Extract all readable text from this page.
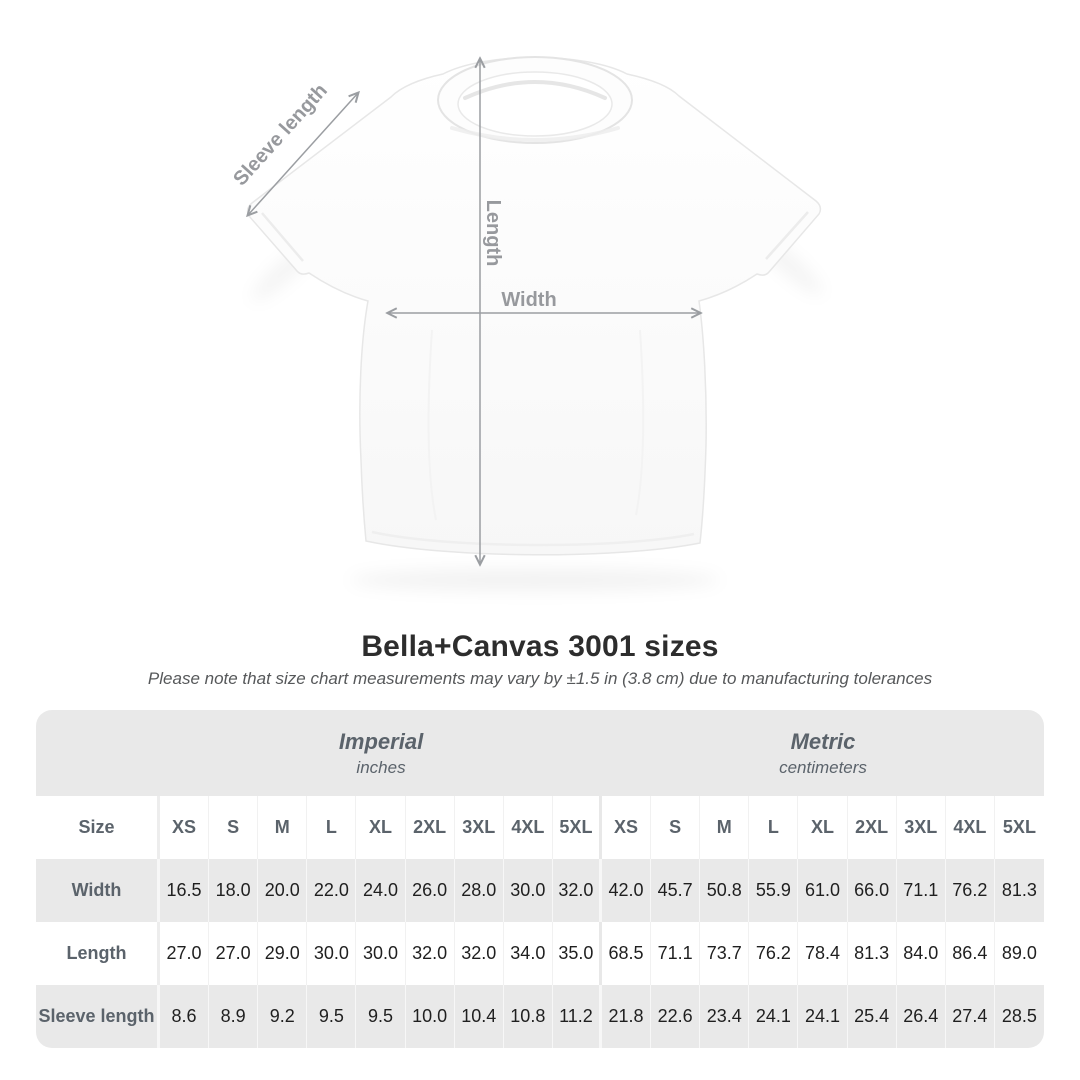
Sleeve length
Length
Width
Bella+Canvas 3001 sizes
Please note that size chart measurements may vary by ±1.5 in (3.8 cm) due to manufacturing tolerances
Imperial
inches
Metric
centimeters
Size	XS	S	M	L	XL	2XL 3XL 4XL 5XL	XS	S	M	L	XL	2XL 3XL 4XL 5XL
Width	16.5 18.0 20.0 22.0 24.0 26.0 28.0 30.0 32.0 42.0 45.7 50.8 55.9 61.0 66.0 71.1 76.2 81.3
Length	27.0 27.0 29.0 30.0 30.0 32.0 32.0 34.0 35.0 68.5 71.1 73.7 76.2 78.4 81.3 84.0 86.4 89.0
Sleeve length 8.6	8.9	9.2	9.5	9.5	10.0 10.4 10.8 11.2 21.8 22.6 23.4 24.1 24.1 25.4 26.4 27.4 28.5
